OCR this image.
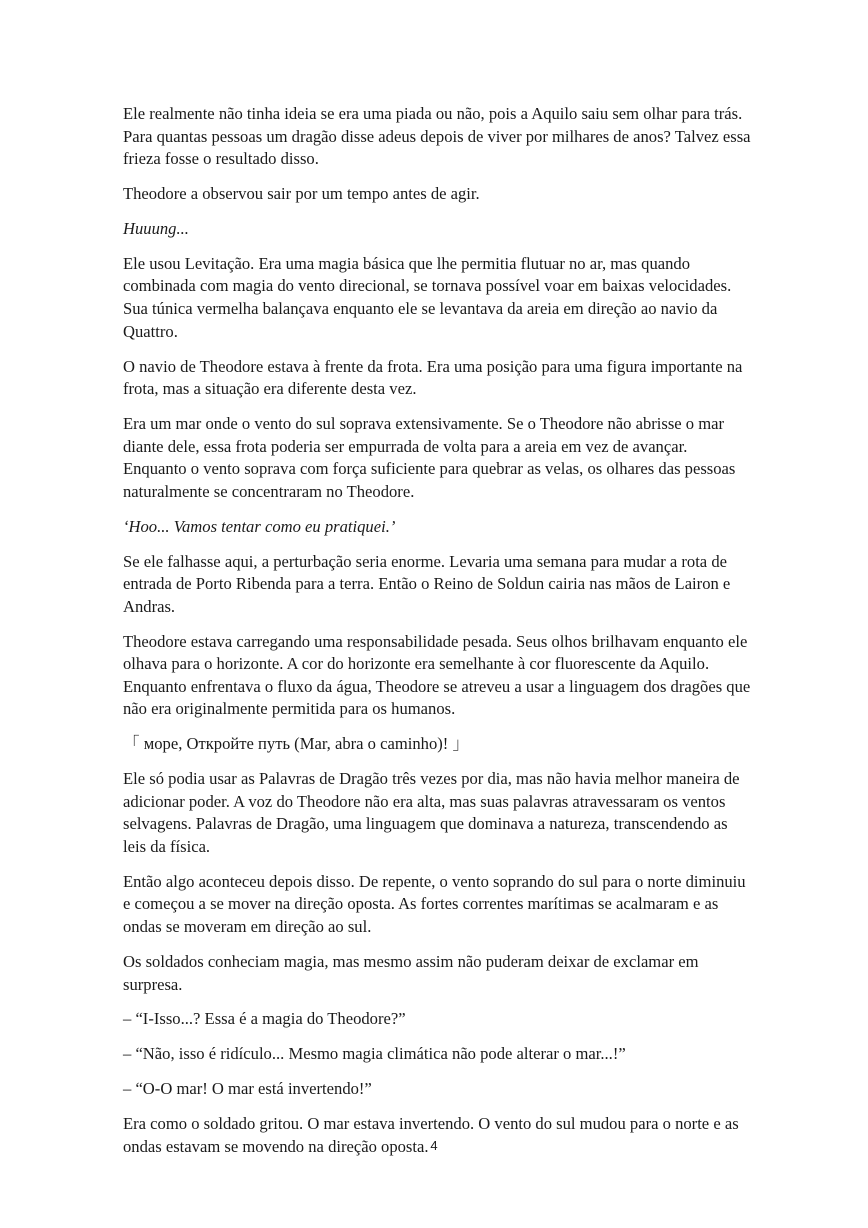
Ele realmente não tinha ideia se era uma piada ou não, pois a Aquilo saiu sem olhar para trás. Para quantas pessoas um dragão disse adeus depois de viver por milhares de anos? Talvez essa frieza fosse o resultado disso.

Theodore a observou sair por um tempo antes de agir.

Huuung...

Ele usou Levitação. Era uma magia básica que lhe permitia flutuar no ar, mas quando combinada com magia do vento direcional, se tornava possível voar em baixas velocidades. Sua túnica vermelha balançava enquanto ele se levantava da areia em direção ao navio da Quattro.

O navio de Theodore estava à frente da frota. Era uma posição para uma figura importante na frota, mas a situação era diferente desta vez.

Era um mar onde o vento do sul soprava extensivamente. Se o Theodore não abrisse o mar diante dele, essa frota poderia ser empurrada de volta para a areia em vez de avançar. Enquanto o vento soprava com força suficiente para quebrar as velas, os olhares das pessoas naturalmente se concentraram no Theodore.

‘Hoo... Vamos tentar como eu pratiquei.’

Se ele falhasse aqui, a perturbação seria enorme. Levaria uma semana para mudar a rota de entrada de Porto Ribenda para a terra. Então o Reino de Soldun cairia nas mãos de Lairon e Andras.

Theodore estava carregando uma responsabilidade pesada. Seus olhos brilhavam enquanto ele olhava para o horizonte. A cor do horizonte era semelhante à cor fluorescente da Aquilo. Enquanto enfrentava o fluxo da água, Theodore se atreveu a usar a linguagem dos dragões que não era originalmente permitida para os humanos.

「 море, Откройте путь (Mar, abra o caminho)! 」

Ele só podia usar as Palavras de Dragão três vezes por dia, mas não havia melhor maneira de adicionar poder. A voz do Theodore não era alta, mas suas palavras atravessaram os ventos selvagens. Palavras de Dragão, uma linguagem que dominava a natureza, transcendendo as leis da física.

Então algo aconteceu depois disso. De repente, o vento soprando do sul para o norte diminuiu e começou a se mover na direção oposta. As fortes correntes marítimas se acalmaram e as ondas se moveram em direção ao sul.

Os soldados conheciam magia, mas mesmo assim não puderam deixar de exclamar em surpresa.

– “I-Isso...? Essa é a magia do Theodore?”

– “Não, isso é ridículo... Mesmo magia climática não pode alterar o mar...!”

– “O-O mar! O mar está invertendo!”

Era como o soldado gritou. O mar estava invertendo. O vento do sul mudou para o norte e as ondas estavam se movendo na direção oposta. 4
